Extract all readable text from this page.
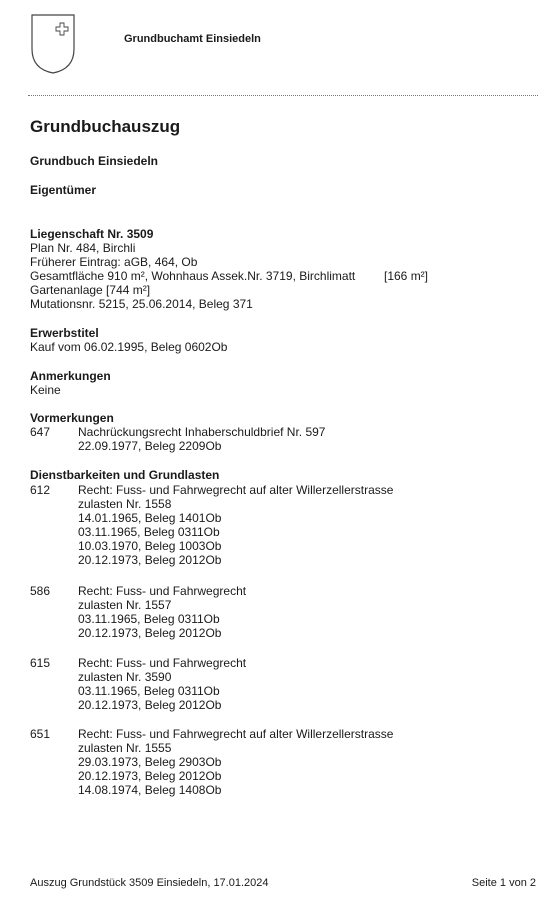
Grundbuchamt Einsiedeln
Grundbuchauszug
Grundbuch Einsiedeln
Eigentümer
Liegenschaft Nr. 3509
Plan Nr. 484, Birchli
Früherer Eintrag: aGB, 464, Ob
Gesamtfläche 910 m², Wohnhaus Assek.Nr. 3719, Birchlimatt [166 m²]
Gartenanlage [744 m²]
Mutationsnr. 5215, 25.06.2014, Beleg 371
Erwerbstitel
Kauf vom 06.02.1995, Beleg 0602Ob
Anmerkungen
Keine
Vormerkungen
647 Nachrückungsrecht Inhaberschuldbrief Nr. 597
22.09.1977, Beleg 2209Ob
Dienstbarkeiten und Grundlasten
612 Recht: Fuss- und Fahrwegrecht auf alter Willerzellerstrasse
zulasten Nr. 1558
14.01.1965, Beleg 1401Ob
03.11.1965, Beleg 0311Ob
10.03.1970, Beleg 1003Ob
20.12.1973, Beleg 2012Ob
586 Recht: Fuss- und Fahrwegrecht
zulasten Nr. 1557
03.11.1965, Beleg 0311Ob
20.12.1973, Beleg 2012Ob
615 Recht: Fuss- und Fahrwegrecht
zulasten Nr. 3590
03.11.1965, Beleg 0311Ob
20.12.1973, Beleg 2012Ob
651 Recht: Fuss- und Fahrwegrecht auf alter Willerzellerstrasse
zulasten Nr. 1555
29.03.1973, Beleg 2903Ob
20.12.1973, Beleg 2012Ob
14.08.1974, Beleg 1408Ob
Auszug Grundstück 3509 Einsiedeln, 17.01.2024	Seite 1 von 2
